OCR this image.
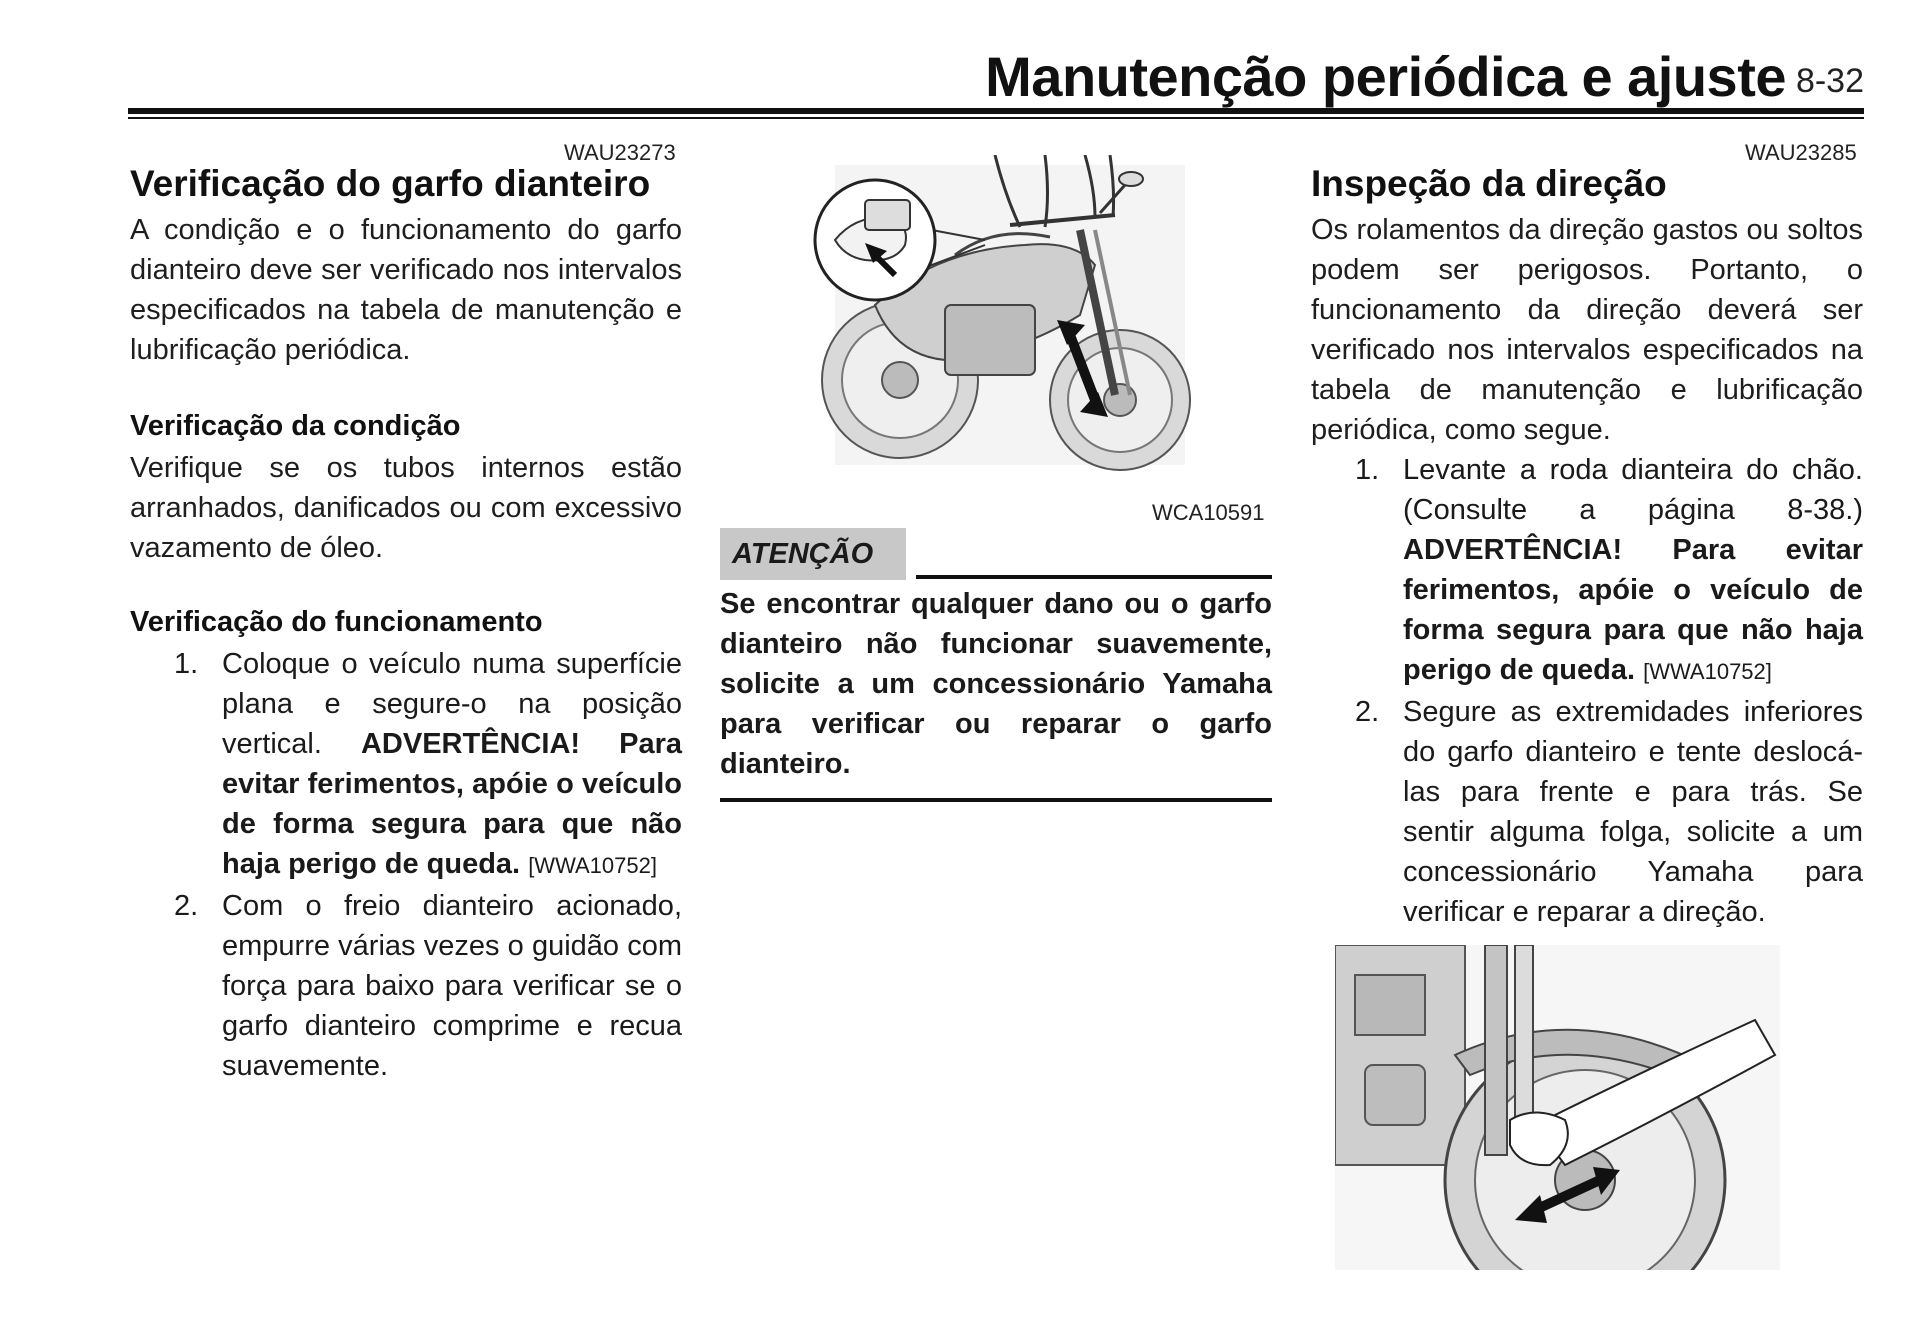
Manutenção periódica e ajuste 8-32
WAU23273
Verificação do garfo dianteiro
A condição e o funcionamento do garfo dianteiro deve ser verificado nos intervalos especificados na tabela de manutenção e lubrificação periódica.
Verificação da condição
Verifique se os tubos internos estão arranhados, danificados ou com excessivo vazamento de óleo.
Verificação do funcionamento
1. Coloque o veículo numa superfície plana e segure-o na posição vertical. ADVERTÊNCIA! Para evitar ferimentos, apóie o veículo de forma segura para que não haja perigo de queda. [WWA10752]
2. Com o freio dianteiro acionado, empurre várias vezes o guidão com força para baixo para verificar se o garfo dianteiro comprime e recua suavemente.
WCA10591
ATENÇÃO
Se encontrar qualquer dano ou o garfo dianteiro não funcionar suavemente, solicite a um concessionário Yamaha para verificar ou reparar o garfo dianteiro.
WAU23285
Inspeção da direção
Os rolamentos da direção gastos ou soltos podem ser perigosos. Portanto, o funcionamento da direção deverá ser verificado nos intervalos especificados na tabela de manutenção e lubrificação periódica, como segue.
1. Levante a roda dianteira do chão. (Consulte a página 8-38.) ADVERTÊNCIA! Para evitar ferimentos, apóie o veículo de forma segura para que não haja perigo de queda. [WWA10752]
2. Segure as extremidades inferiores do garfo dianteiro e tente deslocá-las para frente e para trás. Se sentir alguma folga, solicite a um concessionário Yamaha para verificar e reparar a direção.
